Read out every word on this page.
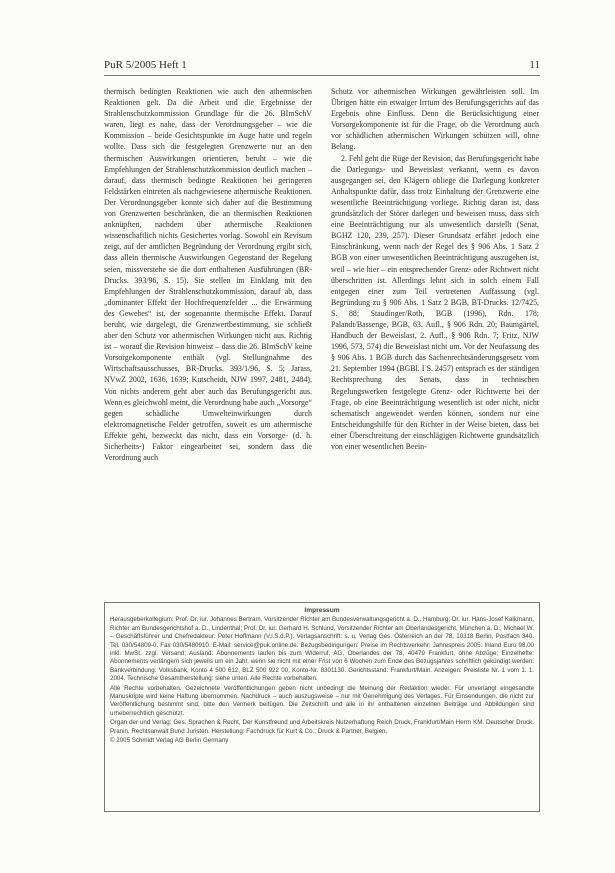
PuR 5/2005 Heft 1	11

thermisch bedingten Reaktionen wie auch den athermischen Reaktionen gelt. Da die Arbeit und die Ergebnisse der Strahlenschutzkommission Grundlage für die 26. BImSchV waren, liegt es nahe, dass der Verordnungsgeber – wie die Kommission – beide Gesichtspunkte im Auge hatte und regeln wollte. Dass sich die festgelegten Grenzwerte nur an den thermischen Auswirkungen orientieren, beruht – wie die Empfehlungen der Strahlenschutzkommission deutlich machen – darauf, dass thermisch bedingte Reaktionen bei geringeren Feldstärken eintreten als nachgewiesene athermische Reaktionen. Der Verordnungsgeber konnte sich daher auf die Bestimmung von Grenzwerten beschränken, die an thermischen Reaktionen anknüpften, nachdem über athermische Reaktionen wissenschaftlich nichts Gesichertes vorlag. Sowohl ein Revisum zeigt, auf der amtlichen Begründung der Verordnung ergibt sich, dass allein thermische Auswirkungen Gegenstand der Regelung seien, missverstehe sie die dort enthaltenen Ausführungen (BR-Drucks. 393/96, S. 15). Sie stellen im Einklang mit den Empfehlungen der Strahlenschutzkommission, darauf ab, dass „dominanter Effekt der Hochfrequenzfelder ... die Erwärmung des Gewebes“ ist, der sogenannte thermische Effekt. Darauf beruht, wie dargelegt, die Grenzwertbestimmung, sie schließt aber den Schutz vor athermischen Wirkungen nicht aus. Richtig ist – worauf die Revision hinweist – dass die 26. BImSchV keine Vorsorgekomponente enthält (vgl. Stellungnahme des Wirtschaftsausschusses, BR-Drucks. 393/1/96, S. 5; Jarass, NVwZ 2002, 1636, 1639; Kutscheidt, NJW 1997, 2481, 2484). Von nichts anderem geht aber auch das Berufungsgericht aus. Wenn es gleichwohl meint, die Verordnung habe auch „Vorsorge“ gegen schädliche Umwelteinwirkungen durch elektromagnetische Felder getroffen, soweit es um athermische Effekte geht, bezweckt das nicht, dass ein Vorsorge- (d. h. Sicherheits-) Faktor eingearbeitet sei, sondern dass die Verordnung auch

Schutz vor athermischen Wirkungen gewährleisten soll. Im Übrigen hätte ein etwaiger Irrtum des Berufungsgerichts auf das Ergebnis ohne Einfluss. Denn die Berücksichtigung einer Vorsorgekomponente ist für die Frage, ob die Verordnung auch vor schädlichen athermischen Wirkungen schützen will, ohne Belang.

2. Fehl geht die Rüge der Revision, das Berufungsgericht habe die Darlegungs- und Beweislast verkannt, wenn es davon ausgegangen sei, den Klägern obliege die Darlegung konkreter Anhaltspunkte dafür, dass trotz Einhaltung der Grenzwerte eine wesentliche Beeinträchtigung vorliege. Richtig daran ist, dass grundsätzlich der Störer darlegen und beweisen muss, dass sich eine Beeinträchtigung nur als unwesentlich darstellt (Senat, BGHZ 120, 239, 257). Dieser Grundsatz erfährt jedoch eine Einschränkung, wenn nach der Regel des § 906 Abs. 1 Satz 2 BGB von einer unwesentlichen Beeinträchtigung auszugehen ist, weil – wie hier – ein entsprechender Grenz- oder Richtwert nicht überschritten ist. Allerdings lehnt sich in solch einem Fall entgegen einer zum Teil vertretenen Auffassung (vgl. Begründung zu § 906 Abs. 1 Satz 2 BGB, BT-Drucks. 12/7425, S. 88; Staudinger/Roth, BGB (1996), Rdn. 178; Palandt/Bassenge, BGB, 63. Aufl., § 906 Rdn. 20; Baumgärtel, Handbuch der Beweislast, 2. Aufl., § 906 Rdn. 7; Fritz, NJW 1996, 573, 574) die Beweislast nicht um. Vor der Neufassung des § 906 Abs. 1 BGB durch das Sachenrechtsänderungsgesetz vom 21. September 1994 (BGBl. I S. 2457) entsprach es der ständigen Rechtsprechung des Senats, dass in technischen Regelungswerken festgelegte Grenz- oder Richtwerte bei der Frage, ob eine Beeinträchtigung wesentlich ist oder nicht, nicht schematisch angewendet werden können, sondern nur eine Entscheidungshilfe für den Richter in der Weise bieten, dass bei einer Überschreitung der einschlägigen Richtwerte grundsätzlich von einer wesentlichen Beein-

Impressum

Herausgeberkollegium: Prof. Dr. iur. Johannes Bertram, Vorsitzender Richter am Bundesverwaltungsgericht a. D., Hamburg; Dr. iur. Hans-Josef Kalkmann, Richter am Bundesgerichtshof a. D., Lindenthal; Prof. Dr. iur. Gerhard H. Schlund, Vorsitzender Richter am Oberlandesgericht, München a. D.; Michael W. – Geschäftsführer und Chefredakteur: Peter Hoffmann (V.i.S.d.P.). Verlagsanschrift: s. u. Verlag Ges. Österreich an der 78, 10318 Berlin, Postfach 340. Tel. 030/54809-0, Fax 030/5480910. E-Mail: service@puk.online.de. Bezugsbedingungen: Preise im Rechtsverkehr: Jahrespreis 2005: Inland Euro 98,00 inkl. MwSt. zzgl. Versand; Ausland: Abonnements laufen bis zum Widerruf, AG, Oberlandes der 78, 40479 Frankfurt, ohne Abzüge; Einzelhefte: Abonnements verlängern sich jeweils um ein Jahr, wenn sie nicht mit einer Frist von 6 Wochen zum Ende des Bezugsjahres schriftlich gekündigt werden. Bankverbindung: Volksbank, Konto 4 500 612, BLZ 500 922 00, Konto-Nr. 8301130. Gerichtsstand: Frankfurt/Main. Anzeigen: Preisliste Nr. 1 vom 1. 1. 2004. Technische Gesamtherstellung: siehe unten. Alle Rechte vorbehalten.

Alle Rechte vorbehalten. Gezeichnete Veröffentlichungen geben nicht unbedingt die Meinung der Redaktion wieder. Für unverlangt eingesandte Manuskripte wird keine Haftung übernommen. Nachdruck – auch auszugsweise – nur mit Genehmigung des Verlages. Für Einsendungen, die nicht zur Veröffentlichung bestimmt sind, bitte den Vermerk beifügen. Die Zeitschrift und alle in ihr enthaltenen einzelnen Beiträge und Abbildungen sind urheberrechtlich geschützt.

Organ der und Verlag: Ges. Sprachen & Recht, Der Kunstfreund und Arbeitskreis Nutzerhaftung Reich Druck, Frankfurt/Main Herrn KM. Deutscher Druck. Pranin, Rechtsanwalt Bund Juristen. Herstellung: Fachdruck für Kurt & Co.; Druck & Partner, Belgien.

© 2005 Schmidt Verlag AG Berlin Germany
